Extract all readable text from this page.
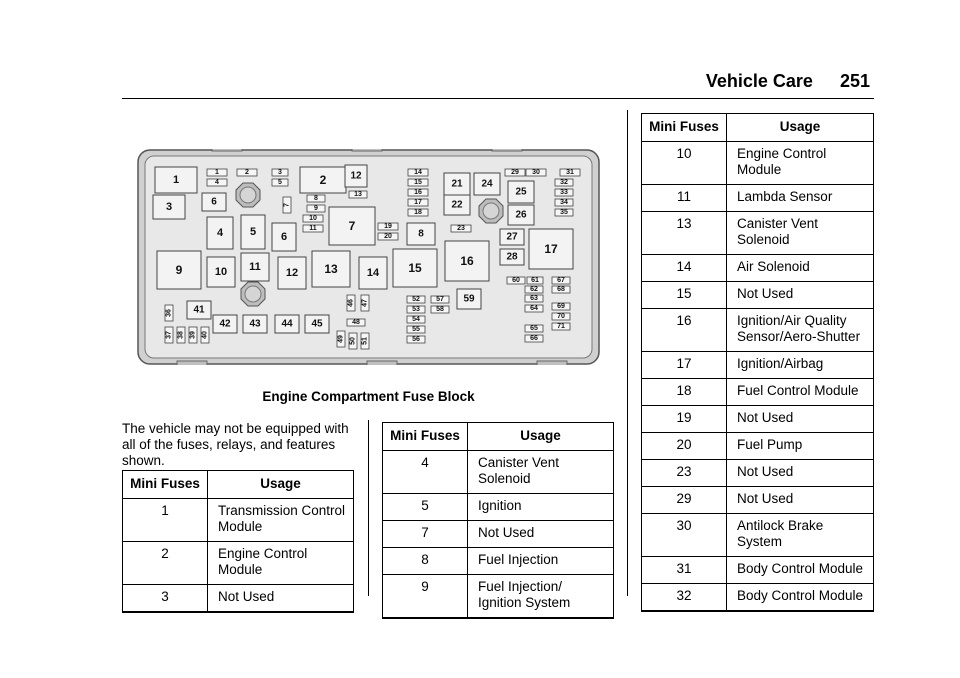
Vehicle Care 251
1
3	6
4 5 6
9	10 11 12 13	14
7
2
15
8
21 24
22
16
25
26
27
28
17
59
41
42 43 44 45
12
1
4
2	3
5
7
8
9
10
11
13
14
15
16
17
18
19
20
23
29 30	31
32
33
34
35
60 61
62
63
64
65
66
67
68
69
70
71
52
53
54
55
56
57
58
48
36
37 38 39 40
46 47
49 50 51
Engine Compartment Fuse Block
The vehicle may not be equipped with all of the fuses, relays, and features shown.
Mini Fuses	Usage
1	Transmission Control Module
2	Engine Control Module
3	Not Used
Mini Fuses	Usage
4	Canister Vent Solenoid
5	Ignition
7	Not Used
8	Fuel Injection
9	Fuel Injection/ Ignition System
Mini Fuses	Usage
10	Engine Control Module
11	Lambda Sensor
13	Canister Vent Solenoid
14	Air Solenoid
15	Not Used
16	Ignition/Air Quality Sensor/Aero-Shutter
17	Ignition/Airbag
18	Fuel Control Module
19	Not Used
20	Fuel Pump
23	Not Used
29	Not Used
30	Antilock Brake System
31	Body Control Module
32	Body Control Module
